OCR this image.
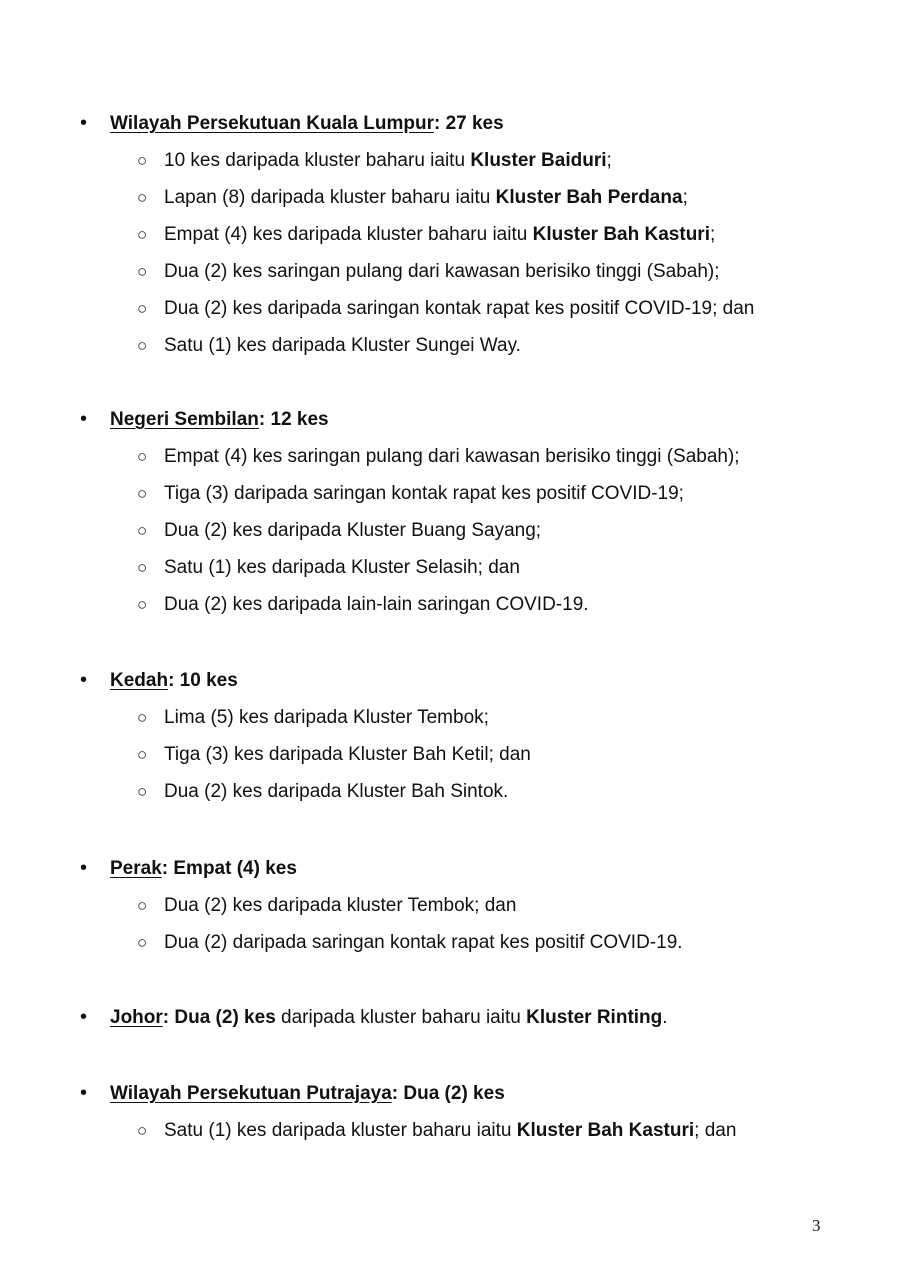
• Wilayah Persekutuan Kuala Lumpur: 27 kes
○ 10 kes daripada kluster baharu iaitu Kluster Baiduri;
○ Lapan (8) daripada kluster baharu iaitu Kluster Bah Perdana;
○ Empat (4) kes daripada kluster baharu iaitu Kluster Bah Kasturi;
○ Dua (2) kes saringan pulang dari kawasan berisiko tinggi (Sabah);
○ Dua (2) kes daripada saringan kontak rapat kes positif COVID-19; dan
○ Satu (1) kes daripada Kluster Sungei Way.
• Negeri Sembilan: 12 kes
○ Empat (4) kes saringan pulang dari kawasan berisiko tinggi (Sabah);
○ Tiga (3) daripada saringan kontak rapat kes positif COVID-19;
○ Dua (2) kes daripada Kluster Buang Sayang;
○ Satu (1) kes daripada Kluster Selasih; dan
○ Dua (2) kes daripada lain-lain saringan COVID-19.
• Kedah: 10 kes
○ Lima (5) kes daripada Kluster Tembok;
○ Tiga (3) kes daripada Kluster Bah Ketil; dan
○ Dua (2) kes daripada Kluster Bah Sintok.
• Perak: Empat (4) kes
○ Dua (2) kes daripada kluster Tembok; dan
○ Dua (2) daripada saringan kontak rapat kes positif COVID-19.
• Johor: Dua (2) kes daripada kluster baharu iaitu Kluster Rinting.
• Wilayah Persekutuan Putrajaya: Dua (2) kes
○ Satu (1) kes daripada kluster baharu iaitu Kluster Bah Kasturi; dan
3
